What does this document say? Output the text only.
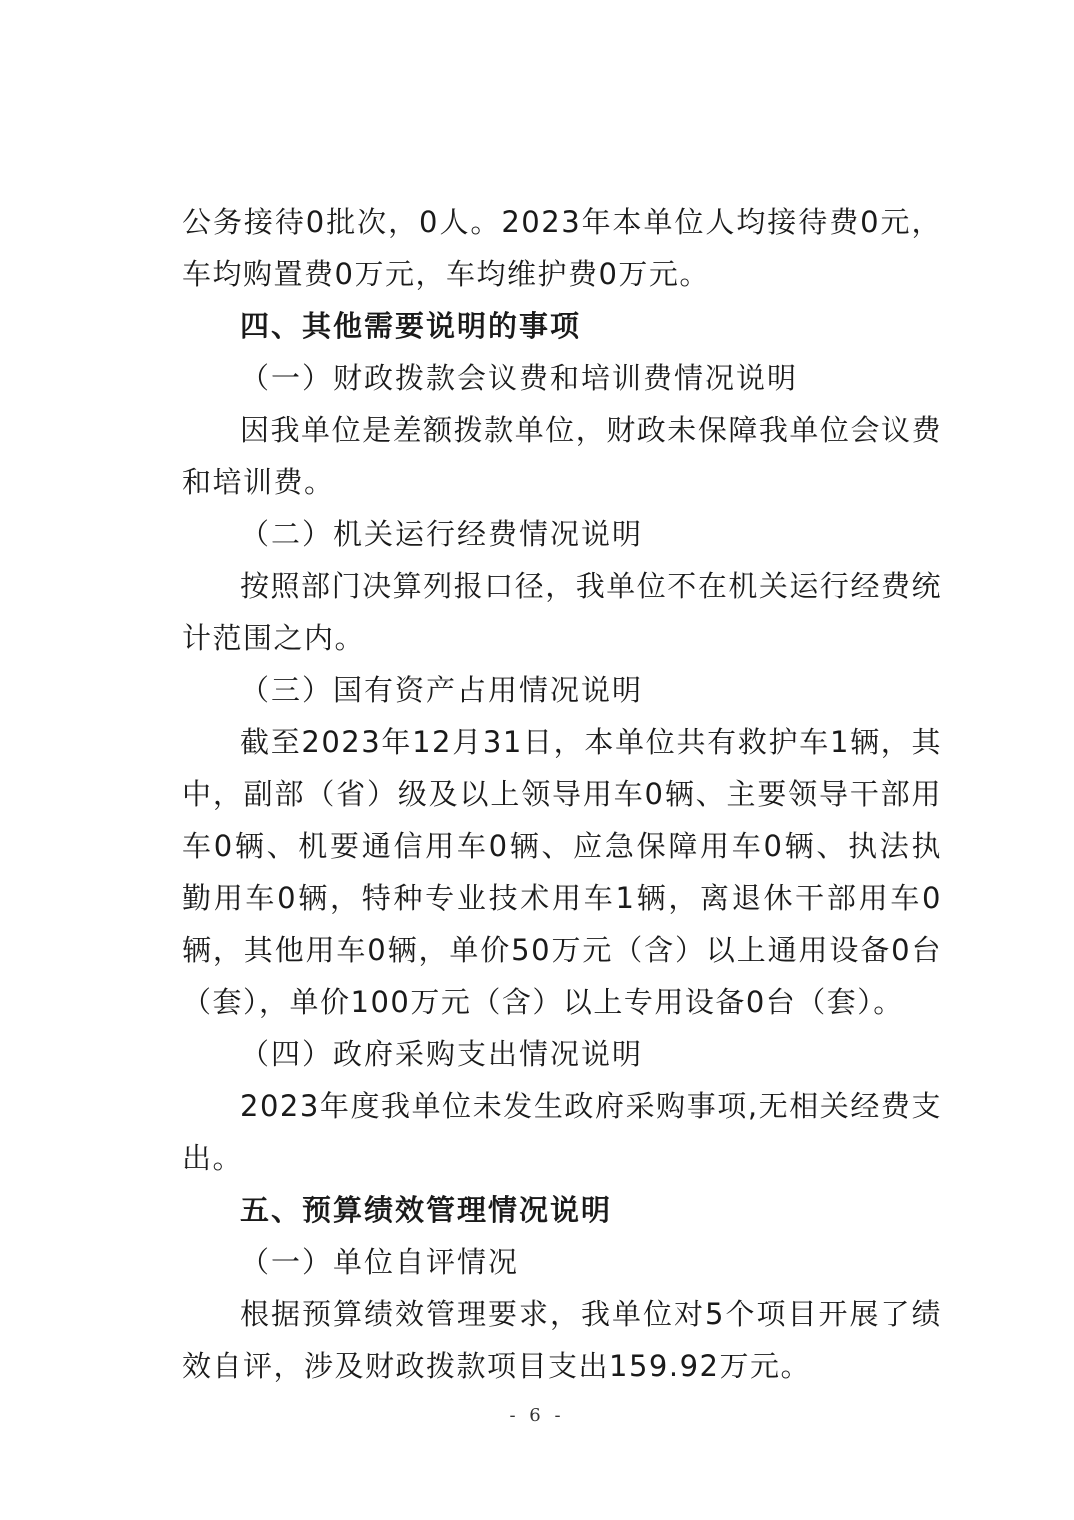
公务接待0批次，0人。2023年本单位人均接待费0元，车均购置费0万元，车均维护费0万元。

四、其他需要说明的事项

（一）财政拨款会议费和培训费情况说明

因我单位是差额拨款单位，财政未保障我单位会议费和培训费。

（二）机关运行经费情况说明

按照部门决算列报口径，我单位不在机关运行经费统计范围之内。

（三）国有资产占用情况说明

截至2023年12月31日，本单位共有救护车1辆，其中，副部（省）级及以上领导用车0辆、主要领导干部用车0辆、机要通信用车0辆、应急保障用车0辆、执法执勤用车0辆，特种专业技术用车1辆，离退休干部用车0辆，其他用车0辆，单价50万元（含）以上通用设备0台（套），单价100万元（含）以上专用设备0台（套）。

（四）政府采购支出情况说明

2023年度我单位未发生政府采购事项,无相关经费支出。

五、预算绩效管理情况说明

（一）单位自评情况

根据预算绩效管理要求，我单位对5个项目开展了绩效自评，涉及财政拨款项目支出159.92万元。

- 6 -
